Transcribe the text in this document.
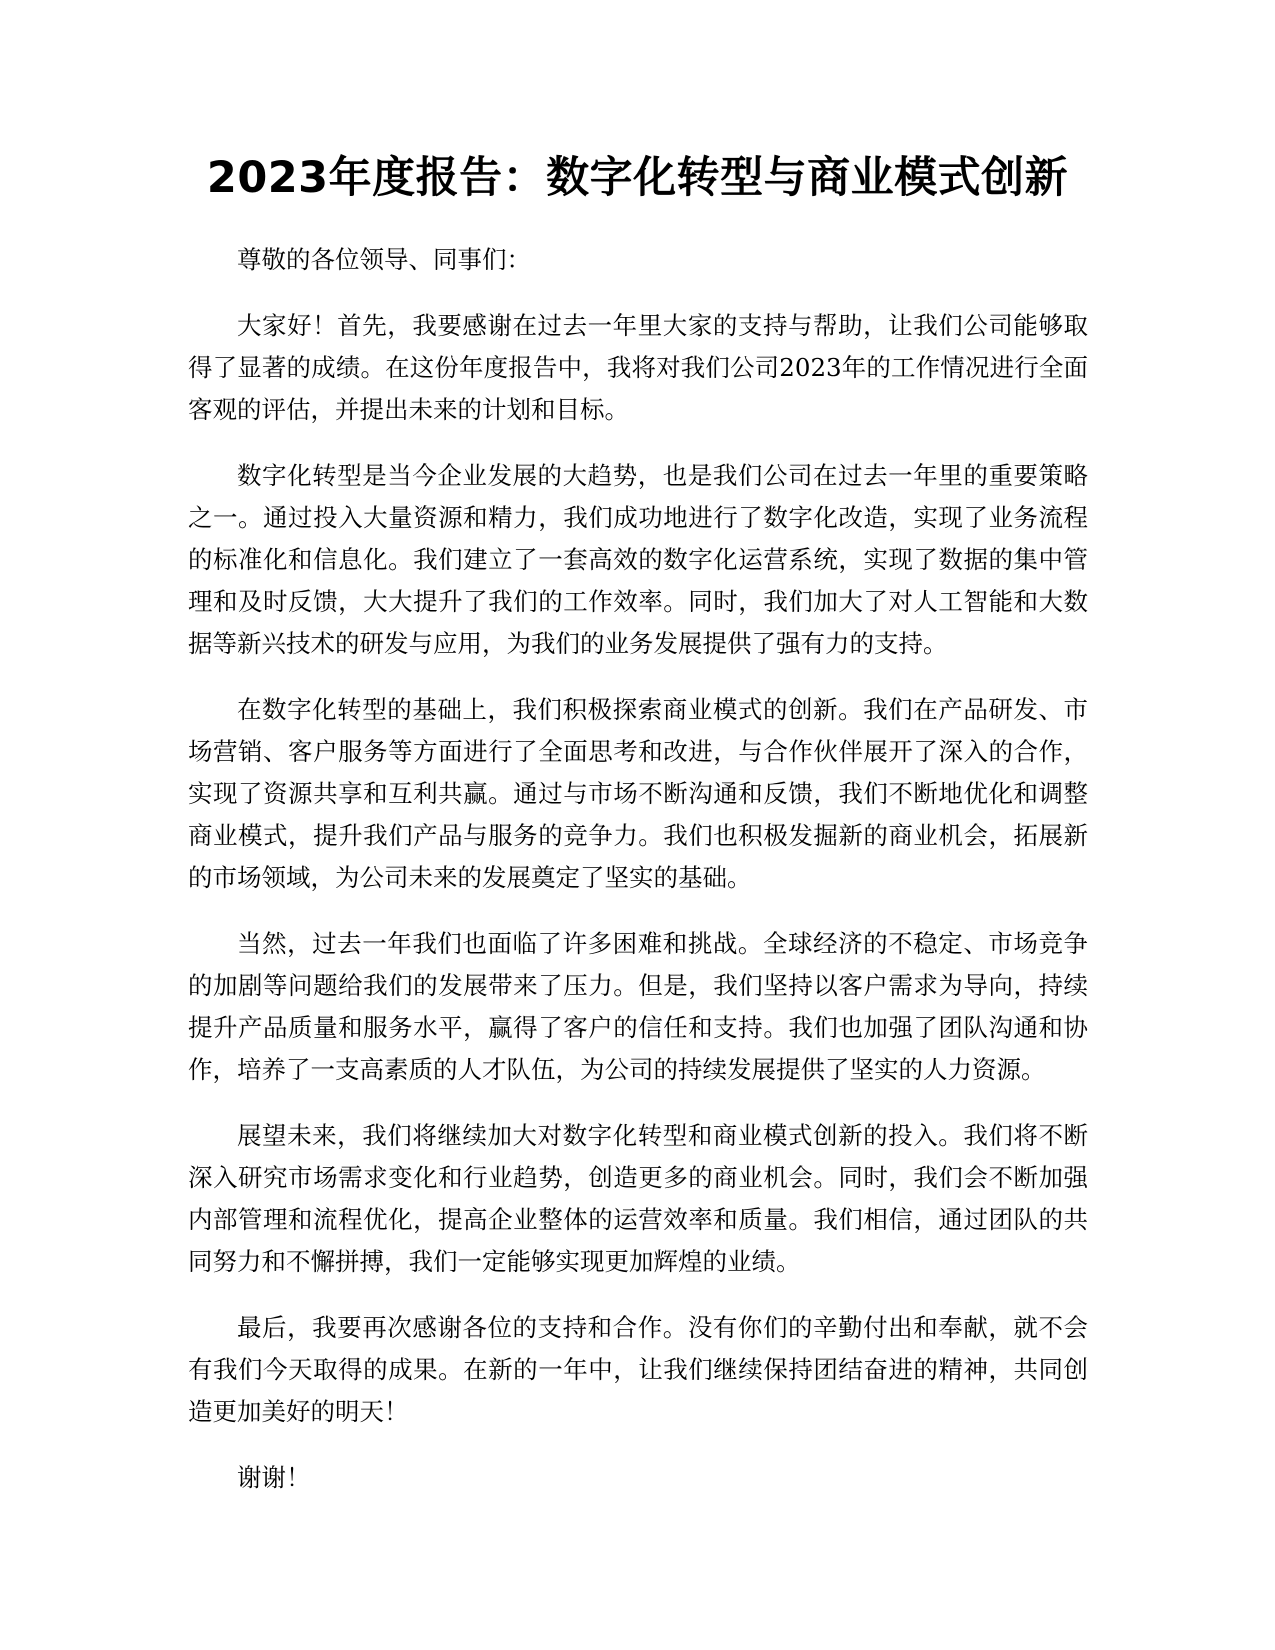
2023年度报告：数字化转型与商业模式创新

尊敬的各位领导、同事们：

大家好！首先，我要感谢在过去一年里大家的支持与帮助，让我们公司能够取得了显著的成绩。在这份年度报告中，我将对我们公司2023年的工作情况进行全面客观的评估，并提出未来的计划和目标。

数字化转型是当今企业发展的大趋势，也是我们公司在过去一年里的重要策略之一。通过投入大量资源和精力，我们成功地进行了数字化改造，实现了业务流程的标准化和信息化。我们建立了一套高效的数字化运营系统，实现了数据的集中管理和及时反馈，大大提升了我们的工作效率。同时，我们加大了对人工智能和大数据等新兴技术的研发与应用，为我们的业务发展提供了强有力的支持。

在数字化转型的基础上，我们积极探索商业模式的创新。我们在产品研发、市场营销、客户服务等方面进行了全面思考和改进，与合作伙伴展开了深入的合作，实现了资源共享和互利共赢。通过与市场不断沟通和反馈，我们不断地优化和调整商业模式，提升我们产品与服务的竞争力。我们也积极发掘新的商业机会，拓展新的市场领域，为公司未来的发展奠定了坚实的基础。

当然，过去一年我们也面临了许多困难和挑战。全球经济的不稳定、市场竞争的加剧等问题给我们的发展带来了压力。但是，我们坚持以客户需求为导向，持续提升产品质量和服务水平，赢得了客户的信任和支持。我们也加强了团队沟通和协作，培养了一支高素质的人才队伍，为公司的持续发展提供了坚实的人力资源。

展望未来，我们将继续加大对数字化转型和商业模式创新的投入。我们将不断深入研究市场需求变化和行业趋势，创造更多的商业机会。同时，我们会不断加强内部管理和流程优化，提高企业整体的运营效率和质量。我们相信，通过团队的共同努力和不懈拼搏，我们一定能够实现更加辉煌的业绩。

最后，我要再次感谢各位的支持和合作。没有你们的辛勤付出和奉献，就不会有我们今天取得的成果。在新的一年中，让我们继续保持团结奋进的精神，共同创造更加美好的明天！

谢谢！
